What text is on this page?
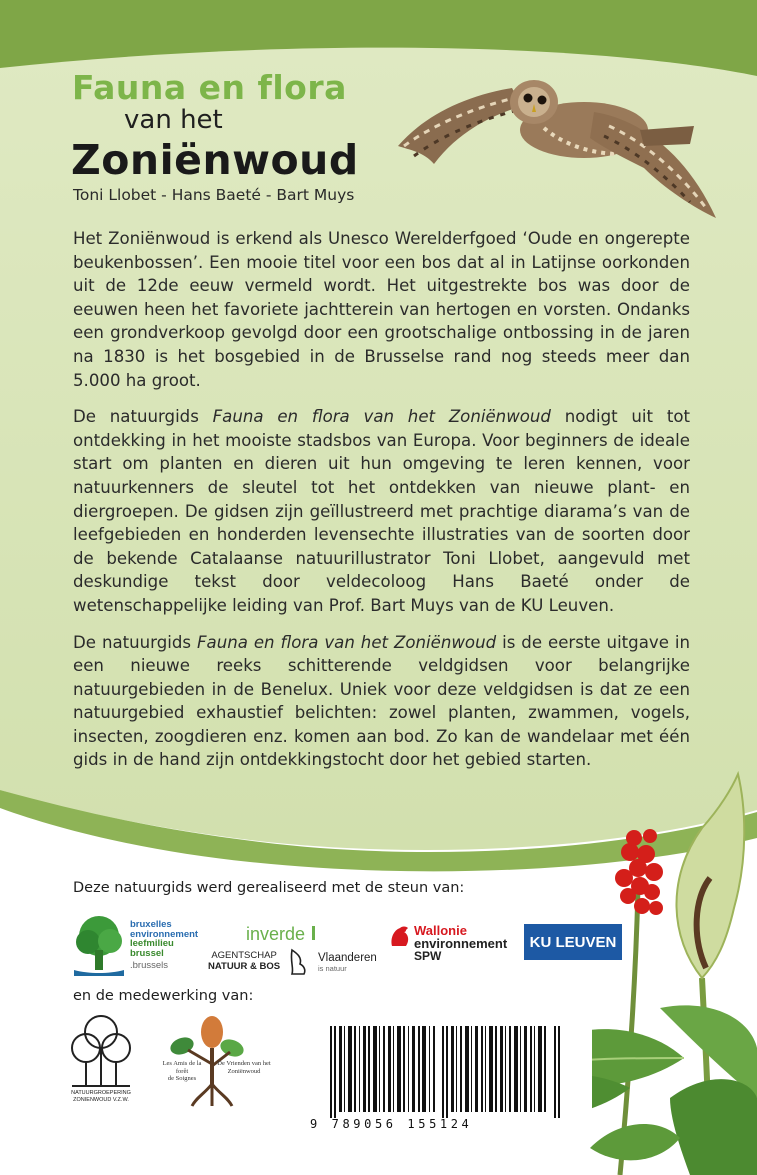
Fauna en flora
van het
Zoniënwoud
Toni Llobet - Hans Baeté - Bart Muys

Het Zoniënwoud is erkend als Unesco Werelderfgoed ‘Oude en ongerepte beukenbossen’. Een mooie titel voor een bos dat al in Latijnse oorkonden uit de 12de eeuw vermeld wordt. Het uitgestrekte bos was door de eeuwen heen het favoriete jachtterein van hertogen en vorsten. Ondanks een grondverkoop gevolgd door een grootschalige ontbossing in de jaren na 1830 is het bosgebied in de Brusselse rand nog steeds meer dan 5.000 ha groot.

De natuurgids Fauna en flora van het Zoniënwoud nodigt uit tot ontdekking in het mooiste stadsbos van Europa. Voor beginners de ideale start om planten en dieren uit hun omgeving te leren kennen, voor natuurkenners de sleutel tot het ontdekken van nieuwe plant- en diergroepen. De gidsen zijn geïllustreerd met prachtige diarama’s van de leefgebieden en honderden levensechte illustraties van de soorten door de bekende Catalaanse natuurillustrator Toni Llobet, aangevuld met deskundige tekst door veldecoloog Hans Baeté onder de wetenschappelijke leiding van Prof. Bart Muys van de KU Leuven.

De natuurgids Fauna en flora van het Zoniënwoud is de eerste uitgave in een nieuwe reeks schitterende veldgidsen voor belangrijke natuurgebieden in de Benelux. Uniek voor deze veldgidsen is dat ze een natuurgebied exhaustief belichten: zowel planten, zwammen, vogels, insecten, zoogdieren enz. komen aan bod. Zo kan de wandelaar met één gids in de hand zijn ontdekkingstocht door het gebied starten.

Deze natuurgids werd gerealiseerd met de steun van:
bruxelles
environnement
leefmilieu
brussel
.brussels
inverde
AGENTSCHAP
NATUUR & BOS
Vlaanderen
is natuur
Wallonie
environnement
SPW
KU LEUVEN
en de medewerking van:
NATUURGROEPERING
ZONIENWOUD V.Z.W.
Les Amis de la forêt
de Soignes
De Vrienden van het
Zoniënwoud
9 789056 155124
